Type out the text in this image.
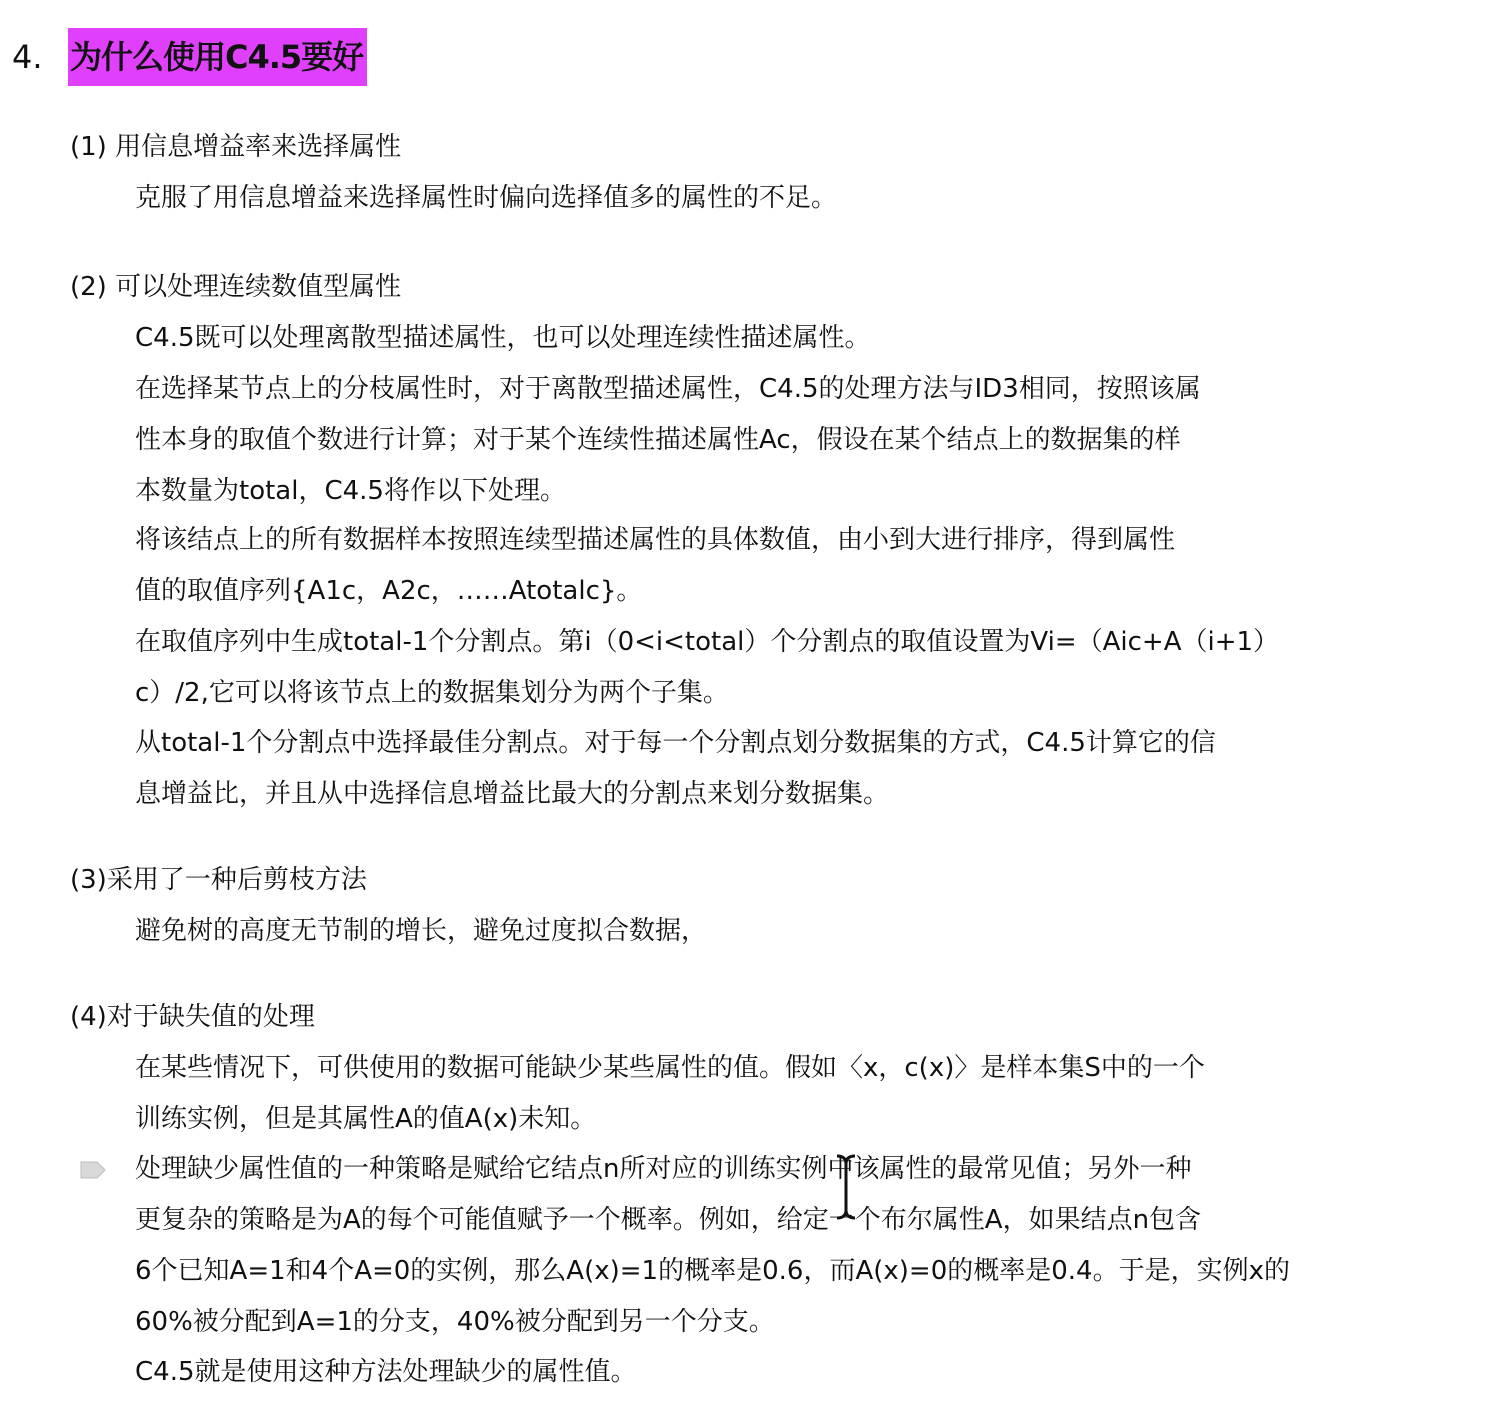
4. 为什么使用C4.5要好
(1) 用信息增益率来选择属性
克服了用信息增益来选择属性时偏向选择值多的属性的不足。
(2) 可以处理连续数值型属性
C4.5既可以处理离散型描述属性，也可以处理连续性描述属性。
在选择某节点上的分枝属性时，对于离散型描述属性，C4.5的处理方法与ID3相同，按照该属
性本身的取值个数进行计算；对于某个连续性描述属性Ac，假设在某个结点上的数据集的样
本数量为total，C4.5将作以下处理。
将该结点上的所有数据样本按照连续型描述属性的具体数值，由小到大进行排序，得到属性
值的取值序列{A1c，A2c，……Atotalc}。
在取值序列中生成total-1个分割点。第i（0<i<total）个分割点的取值设置为Vi=（Aic+A（i+1）
c）/2,它可以将该节点上的数据集划分为两个子集。
从total-1个分割点中选择最佳分割点。对于每一个分割点划分数据集的方式，C4.5计算它的信
息增益比，并且从中选择信息增益比最大的分割点来划分数据集。
(3)采用了一种后剪枝方法
避免树的高度无节制的增长，避免过度拟合数据，
(4)对于缺失值的处理
在某些情况下，可供使用的数据可能缺少某些属性的值。假如〈x，c(x)〉是样本集S中的一个
训练实例，但是其属性A的值A(x)未知。
处理缺少属性值的一种策略是赋给它结点n所对应的训练实例中该属性的最常见值；另外一种
更复杂的策略是为A的每个可能值赋予一个概率。例如，给定一个布尔属性A，如果结点n包含
6个已知A=1和4个A=0的实例，那么A(x)=1的概率是0.6，而A(x)=0的概率是0.4。于是，实例x的
60%被分配到A=1的分支，40%被分配到另一个分支。
C4.5就是使用这种方法处理缺少的属性值。
